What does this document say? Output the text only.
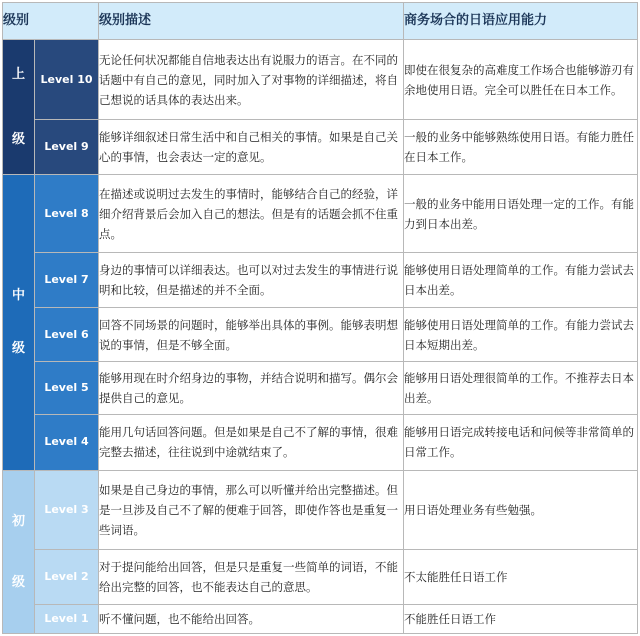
级别		级别描述	商务场合的日语应用能力

上
级	Level 10	无论任何状况都能自信地表达出有说服力的语言。在不同的话题中有自己的意见，同时加入了对事物的详细描述，将自己想说的话具体的表达出来。	即使在很复杂的高难度工作场合也能够游刃有余地使用日语。完全可以胜任在日本工作。
	Level 9	能够详细叙述日常生活中和自己相关的事情。如果是自己关心的事情，也会表达一定的意见。	一般的业务中能够熟练使用日语。有能力胜任在日本工作。

中
级	Level 8	在描述或说明过去发生的事情时，能够结合自己的经验，详细介绍背景后会加入自己的想法。但是有的话题会抓不住重点。	一般的业务中能用日语处理一定的工作。有能力到日本出差。
	Level 7	身边的事情可以详细表达。也可以对过去发生的事情进行说明和比较，但是描述的并不全面。	能够使用日语处理简单的工作。有能力尝试去日本出差。
	Level 6	回答不同场景的问题时，能够举出具体的事例。能够表明想说的事情，但是不够全面。	能够使用日语处理简单的工作。有能力尝试去日本短期出差。
	Level 5	能够用现在时介绍身边的事物，并结合说明和描写。偶尔会提供自己的意见。	能够用日语处理很简单的工作。不推荐去日本出差。
	Level 4	能用几句话回答问题。但是如果是自己不了解的事情，很难完整去描述，往往说到中途就结束了。	能够用日语完成转接电话和问候等非常简单的日常工作。

初
级	Level 3	如果是自己身边的事情，那么可以听懂并给出完整描述。但是一旦涉及自己不了解的便难于回答，即使作答也是重复一些词语。	用日语处理业务有些勉强。
	Level 2	对于提问能给出回答，但是只是重复一些简单的词语，不能给出完整的回答，也不能表达自己的意思。	不太能胜任日语工作
	Level 1	听不懂问题，也不能给出回答。	不能胜任日语工作
